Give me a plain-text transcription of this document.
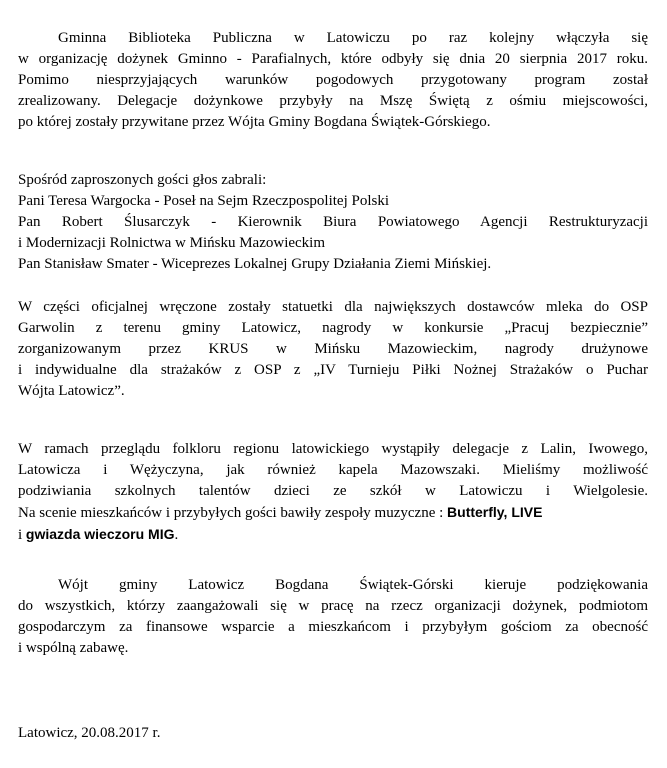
Gminna Biblioteka Publiczna w Latowiczu po raz kolejny włączyła się
w organizację dożynek Gminno - Parafialnych, które odbyły się dnia 20 sierpnia 2017 roku.
Pomimo niesprzyjających warunków pogodowych przygotowany program został
zrealizowany. Delegacje dożynkowe przybyły na Mszę Świętą z ośmiu miejscowości,
po której zostały przywitane przez Wójta Gminy Bogdana Świątek-Górskiego.
Spośród zaproszonych gości głos zabrali:
Pani Teresa Wargocka - Poseł na Sejm Rzeczpospolitej Polski
Pan Robert Ślusarczyk - Kierownik Biura Powiatowego Agencji Restrukturyzacji
i Modernizacji Rolnictwa w Mińsku Mazowieckim
Pan Stanisław Smater - Wiceprezes Lokalnej Grupy Działania Ziemi Mińskiej.
W części oficjalnej wręczone zostały statuetki dla największych dostawców mleka do OSP
Garwolin z terenu gminy Latowicz, nagrody w konkursie „Pracuj bezpiecznie”
zorganizowanym przez KRUS w Mińsku Mazowieckim, nagrody drużynowe
i indywidualne dla strażaków z OSP z „IV Turnieju Piłki Nożnej Strażaków o Puchar
Wójta Latowicz”.
W ramach przeglądu folkloru regionu latowickiego wystąpiły delegacje z Lalin, Iwowego,
Latowicza i Wężyczyna, jak również kapela Mazowszaki. Mieliśmy możliwość
podziwiania szkolnych talentów dzieci ze szkół w Latowiczu i Wielgolesie.
Na scenie mieszkańców i przybyłych gości bawiły zespoły muzyczne : Butterfly, LIVE
i gwiazda wieczoru MIG.
Wójt gminy Latowicz Bogdana Świątek-Górski kieruje podziękowania
do wszystkich, którzy zaangażowali się w pracę na rzecz organizacji dożynek, podmiotom
gospodarczym za finansowe wsparcie a mieszkańcom i przybyłym gościom za obecność
i wspólną zabawę.
Latowicz, 20.08.2017 r.
